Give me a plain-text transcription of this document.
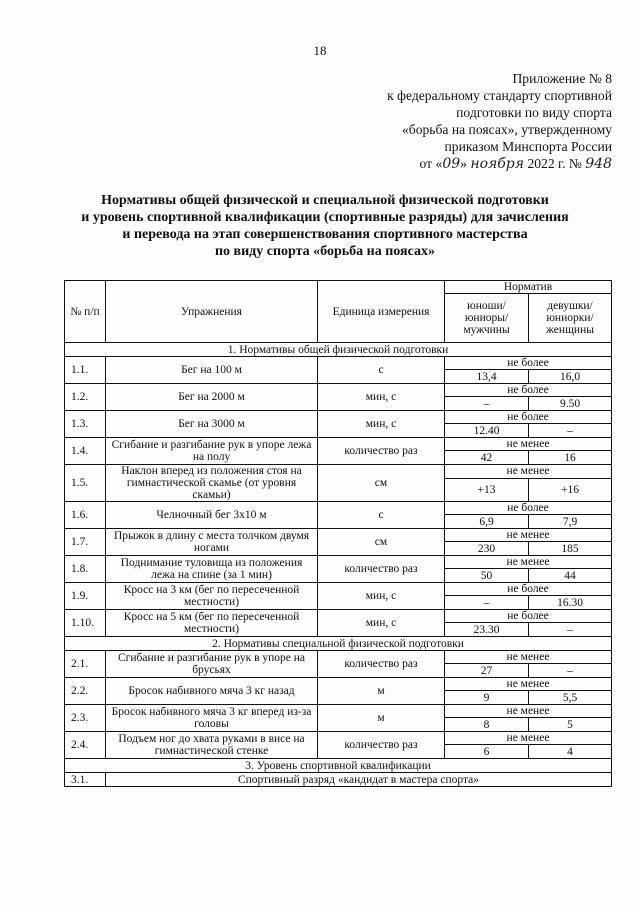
18
Приложение № 8
к федеральному стандарту спортивной
подготовки по виду спорта
«борьба на поясах», утвержденному
приказом Минспорта России
от «09» ноября 2022 г. № 948
Нормативы общей физической и специальной физической подготовки
и уровень спортивной квалификации (спортивные разряды) для зачисления
и перевода на этап совершенствования спортивного мастерства
по виду спорта «борьба на поясах»
№ п/п	Упражнения	Единица измерения	Норматив	
			юноши/ юниоры/ мужчины	девушки/ юниорки/ женщины
1. Нормативы общей физической подготовки				
1.1.	Бег на 100 м	с	не более	
			13,4	16,0
1.2.	Бег на 2000 м	мин, с	не более	
			–	9.50
1.3.	Бег на 3000 м	мин, с	не более	
			12.40	–
1.4.	Сгибание и разгибание рук в упоре лежа на полу	количество раз	не менее	
			42	16
1.5.	Наклон вперед из положения стоя на гимнастической скамье (от уровня скамьи)	см	не менее	
			+13	+16
1.6.	Челночный бег 3x10 м	с	не более	
			6,9	7,9
1.7.	Прыжок в длину с места толчком двумя ногами	см	не менее	
			230	185
1.8.	Поднимание туловища из положения лежа на спине (за 1 мин)	количество раз	не менее	
			50	44
1.9.	Кросс на 3 км (бег по пересеченной местности)	мин, с	не более	
			–	16.30
1.10.	Кросс на 5 км (бег по пересеченной местности)	мин, с	не более	
			23.30	–
2. Нормативы специальной физической подготовки				
2.1.	Сгибание и разгибание рук в упоре на брусьях	количество раз	не менее	
			27	–
2.2.	Бросок набивного мяча 3 кг назад	м	не менее	
			9	5,5
2.3.	Бросок набивного мяча 3 кг вперед из-за головы	м	не менее	
			8	5
2.4.	Подъем ног до хвата руками в висе на гимнастической стенке	количество раз	не менее	
			6	4
3. Уровень спортивной квалификации				
3.1.	Спортивный разряд «кандидат в мастера спорта»			
